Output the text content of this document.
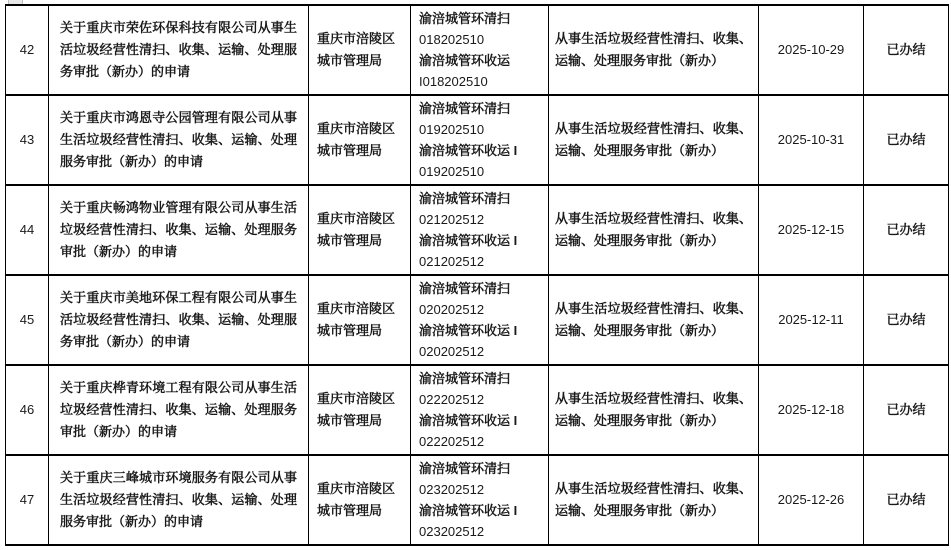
42	关于重庆市荣佐环保科技有限公司从事生活垃圾经营性清扫、收集、运输、处理服务审批（新办）的申请	重庆市涪陵区城市管理局	渝涪城管环清扫
018202510
渝涪城管环收运
I018202510	从事生活垃圾经营性清扫、收集、运输、处理服务审批（新办）	2025-10-29	已办结
43	关于重庆市鸿恩寺公园管理有限公司从事生活垃圾经营性清扫、收集、运输、处理服务审批（新办）的申请	重庆市涪陵区城市管理局	渝涪城管环清扫
019202510
渝涪城管环收运 I
019202510	从事生活垃圾经营性清扫、收集、运输、处理服务审批（新办）	2025-10-31	已办结
44	关于重庆畅鸿物业管理有限公司从事生活垃圾经营性清扫、收集、运输、处理服务审批（新办）的申请	重庆市涪陵区城市管理局	渝涪城管环清扫
021202512
渝涪城管环收运 I
021202512	从事生活垃圾经营性清扫、收集、运输、处理服务审批（新办）	2025-12-15	已办结
45	关于重庆市美地环保工程有限公司从事生活垃圾经营性清扫、收集、运输、处理服务审批（新办）的申请	重庆市涪陵区城市管理局	渝涪城管环清扫
020202512
渝涪城管环收运 I
020202512	从事生活垃圾经营性清扫、收集、运输、处理服务审批（新办）	2025-12-11	已办结
46	关于重庆桦青环境工程有限公司从事生活垃圾经营性清扫、收集、运输、处理服务审批（新办）的申请	重庆市涪陵区城市管理局	渝涪城管环清扫
022202512
渝涪城管环收运 I
022202512	从事生活垃圾经营性清扫、收集、运输、处理服务审批（新办）	2025-12-18	已办结
47	关于重庆三峰城市环境服务有限公司从事生活垃圾经营性清扫、收集、运输、处理服务审批（新办）的申请	重庆市涪陵区城市管理局	渝涪城管环清扫
023202512
渝涪城管环收运 I
023202512	从事生活垃圾经营性清扫、收集、运输、处理服务审批（新办）	2025-12-26	已办结
